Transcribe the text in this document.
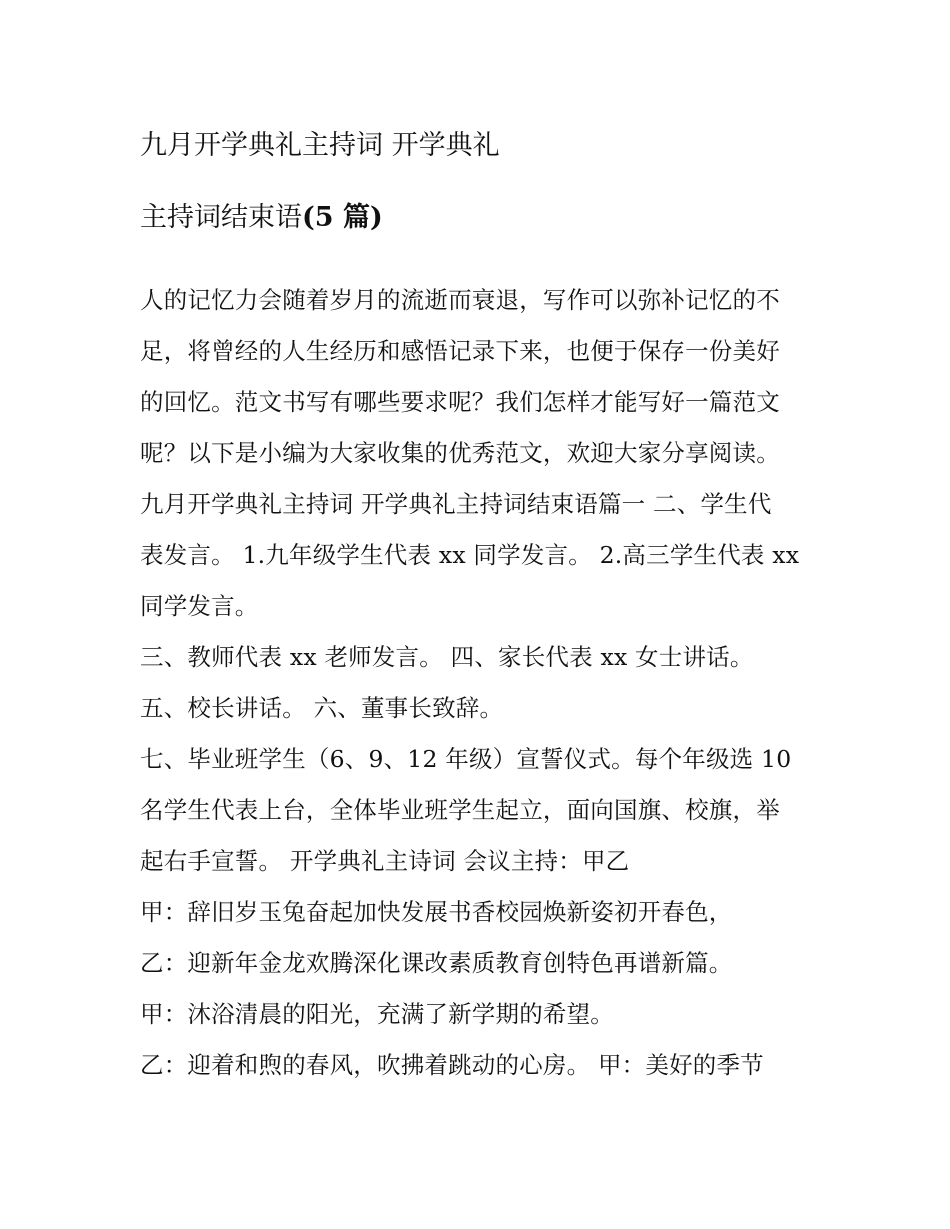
九月开学典礼主持词 开学典礼
主持词结束语(5 篇)
人的记忆力会随着岁月的流逝而衰退，写作可以弥补记忆的不
足，将曾经的人生经历和感悟记录下来，也便于保存一份美好
的回忆。范文书写有哪些要求呢？我们怎样才能写好一篇范文
呢？以下是小编为大家收集的优秀范文，欢迎大家分享阅读。
九月开学典礼主持词 开学典礼主持词结束语篇一 二、学生代
表发言。 1.九年级学生代表 xx 同学发言。 2.高三学生代表 xx
同学发言。
三、教师代表 xx 老师发言。 四、家长代表 xx 女士讲话。
五、校长讲话。 六、董事长致辞。
七、毕业班学生（6、9、12 年级）宣誓仪式。每个年级选 10
名学生代表上台，全体毕业班学生起立，面向国旗、校旗，举
起右手宣誓。 开学典礼主诗词 会议主持：甲乙
甲：辞旧岁玉兔奋起加快发展书香校园焕新姿初开春色，
乙：迎新年金龙欢腾深化课改素质教育创特色再谱新篇。
甲：沐浴清晨的阳光，充满了新学期的希望。
乙：迎着和煦的春风，吹拂着跳动的心房。 甲：美好的季节
